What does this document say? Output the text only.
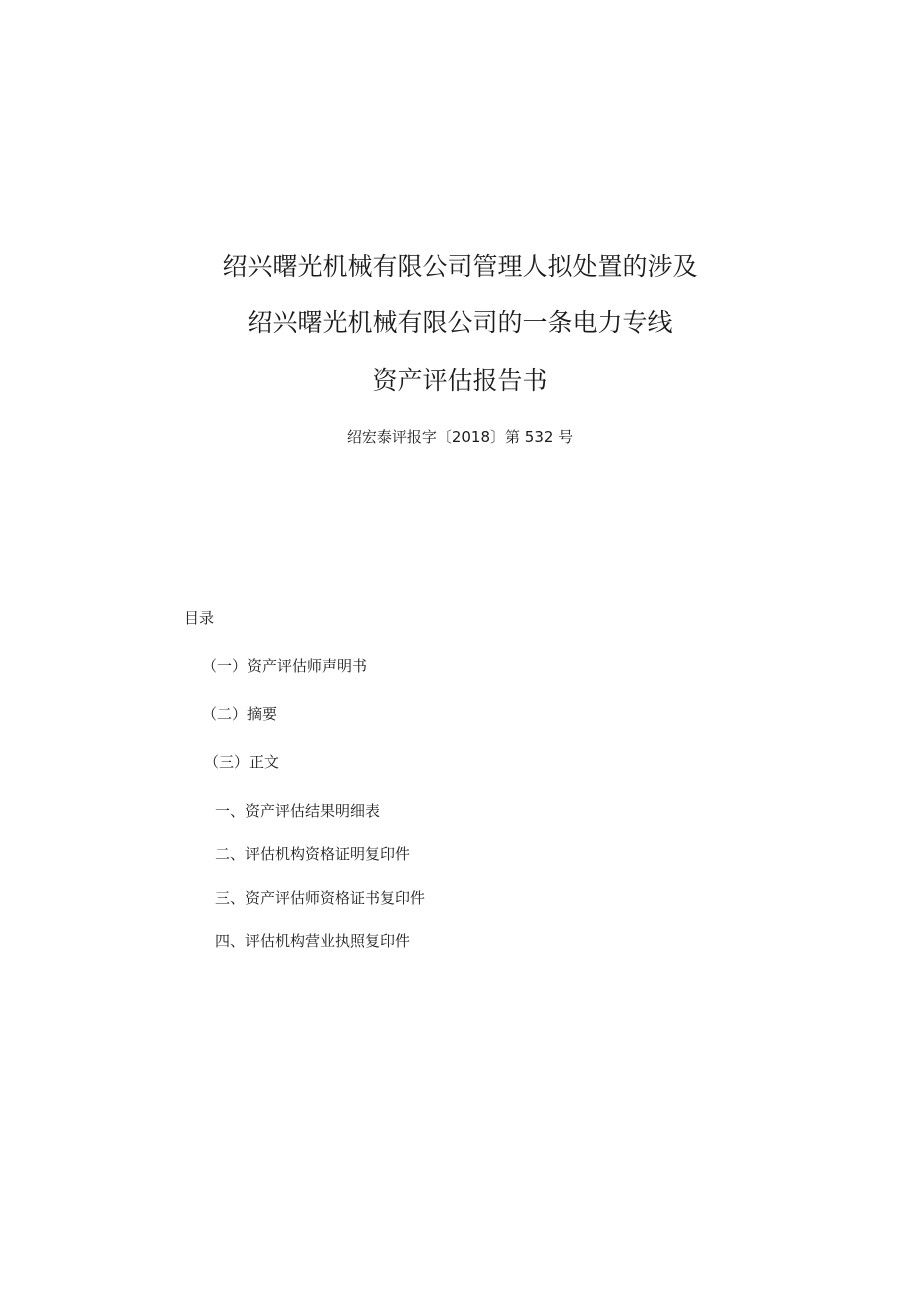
绍兴曙光机械有限公司管理人拟处置的涉及
绍兴曙光机械有限公司的一条电力专线
资产评估报告书
绍宏泰评报字〔2018〕第 532 号
目录
（一）资产评估师声明书
（二）摘要
（三）正文
一、资产评估结果明细表
二、评估机构资格证明复印件
三、资产评估师资格证书复印件
四、评估机构营业执照复印件
